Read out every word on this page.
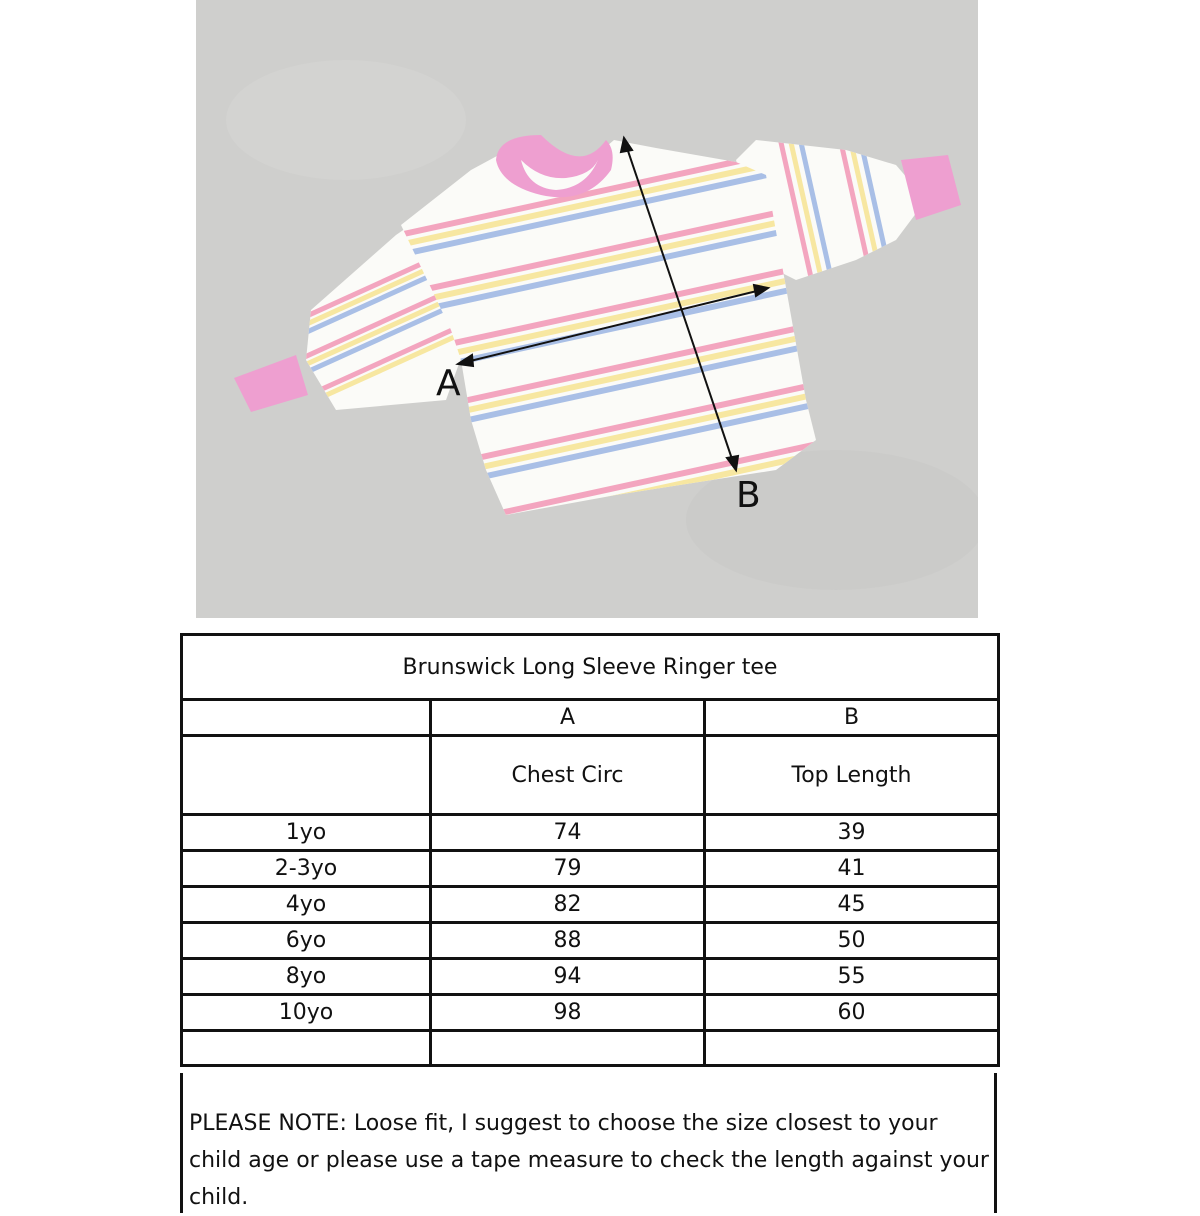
A
B
Brunswick Long Sleeve Ringer tee		
	A	B
	Chest Circ	Top Length
1yo	74	39
2-3yo	79	41
4yo	82	45
6yo	88	50
8yo	94	55
10yo	98	60

PLEASE NOTE: Loose fit, I suggest to choose the size closest to your child age or please use a tape measure to check the length against your child.
